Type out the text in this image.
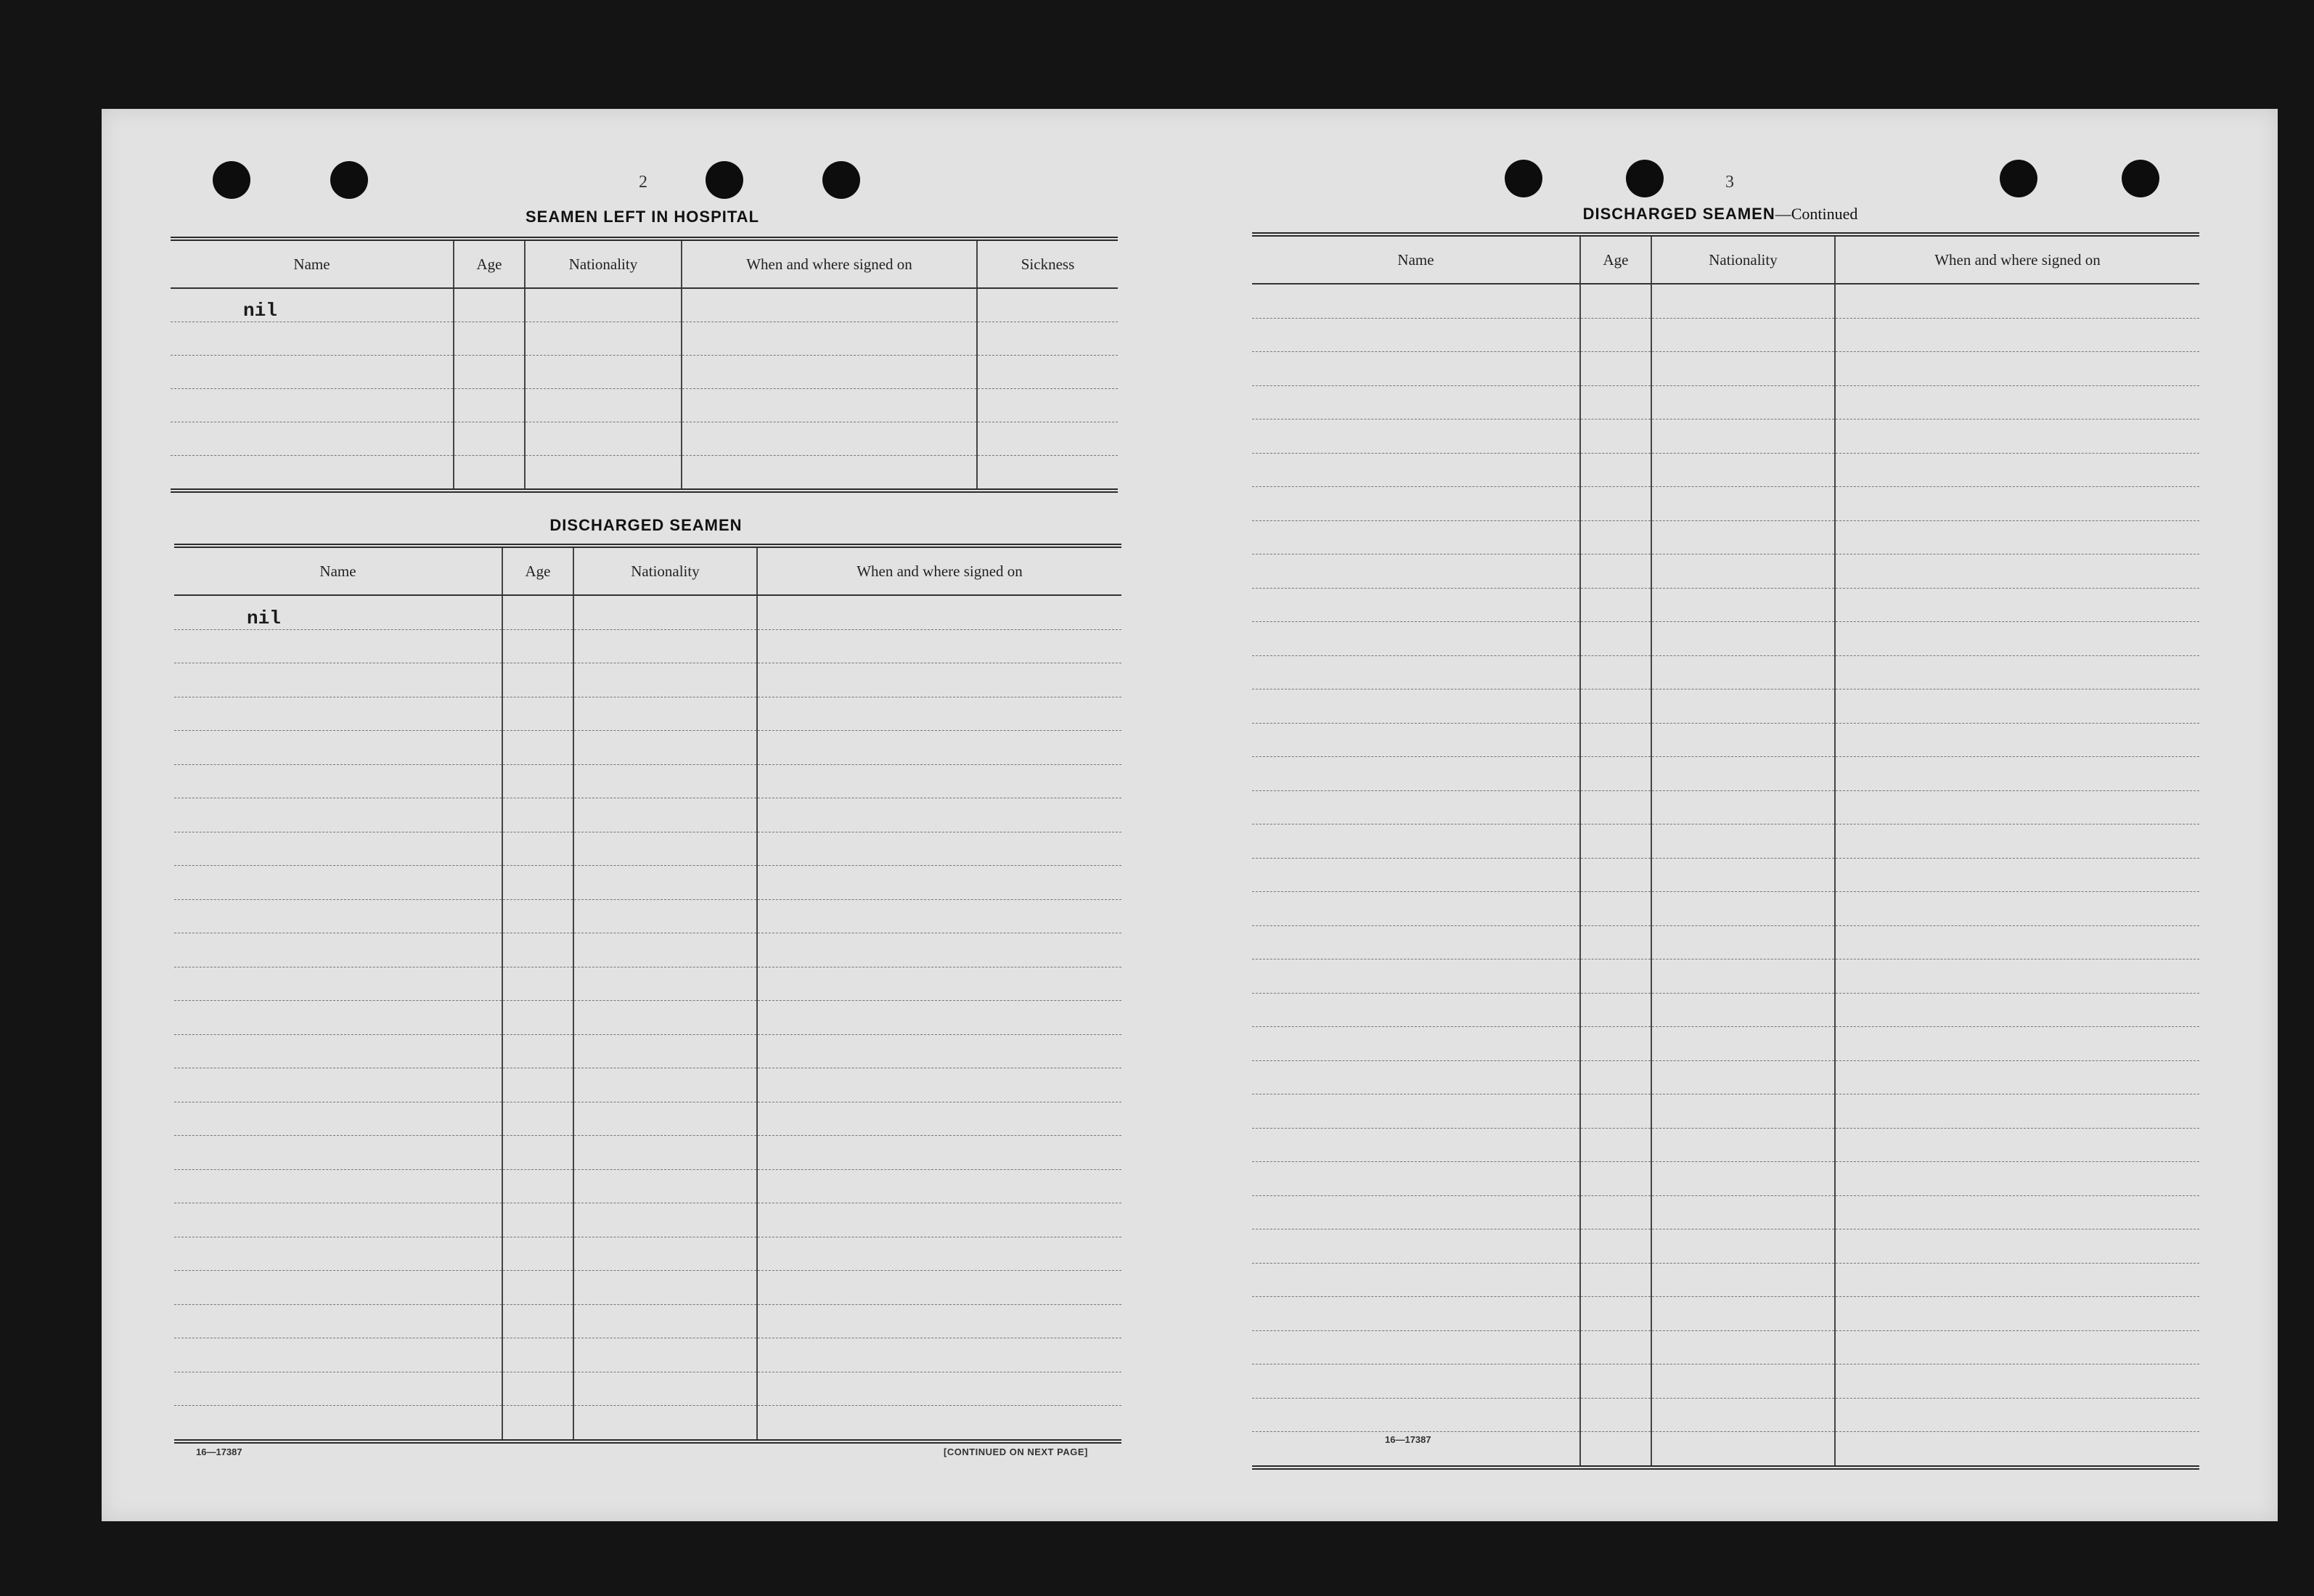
2
SEAMEN LEFT IN HOSPITAL
Name	Age	Nationality	When and where signed on	Sickness
nil				

DISCHARGED SEAMEN
Name	Age	Nationality	When and where signed on
nil			

16—17387	[CONTINUED ON NEXT PAGE]
3
DISCHARGED SEAMEN—Continued
Name	Age	Nationality	When and where signed on

16—17387
